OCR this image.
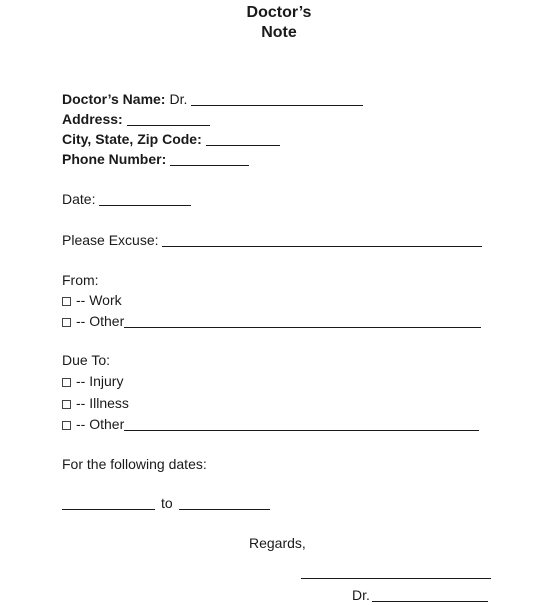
Doctor’s
Note
Doctor’s Name: Dr.
Address:
City, State, Zip Code:
Phone Number:
Date:
Please Excuse:
From:
-- Work
-- Other
Due To:
-- Injury
-- Illness
-- Other
For the following dates:
to
Regards,
Dr.
